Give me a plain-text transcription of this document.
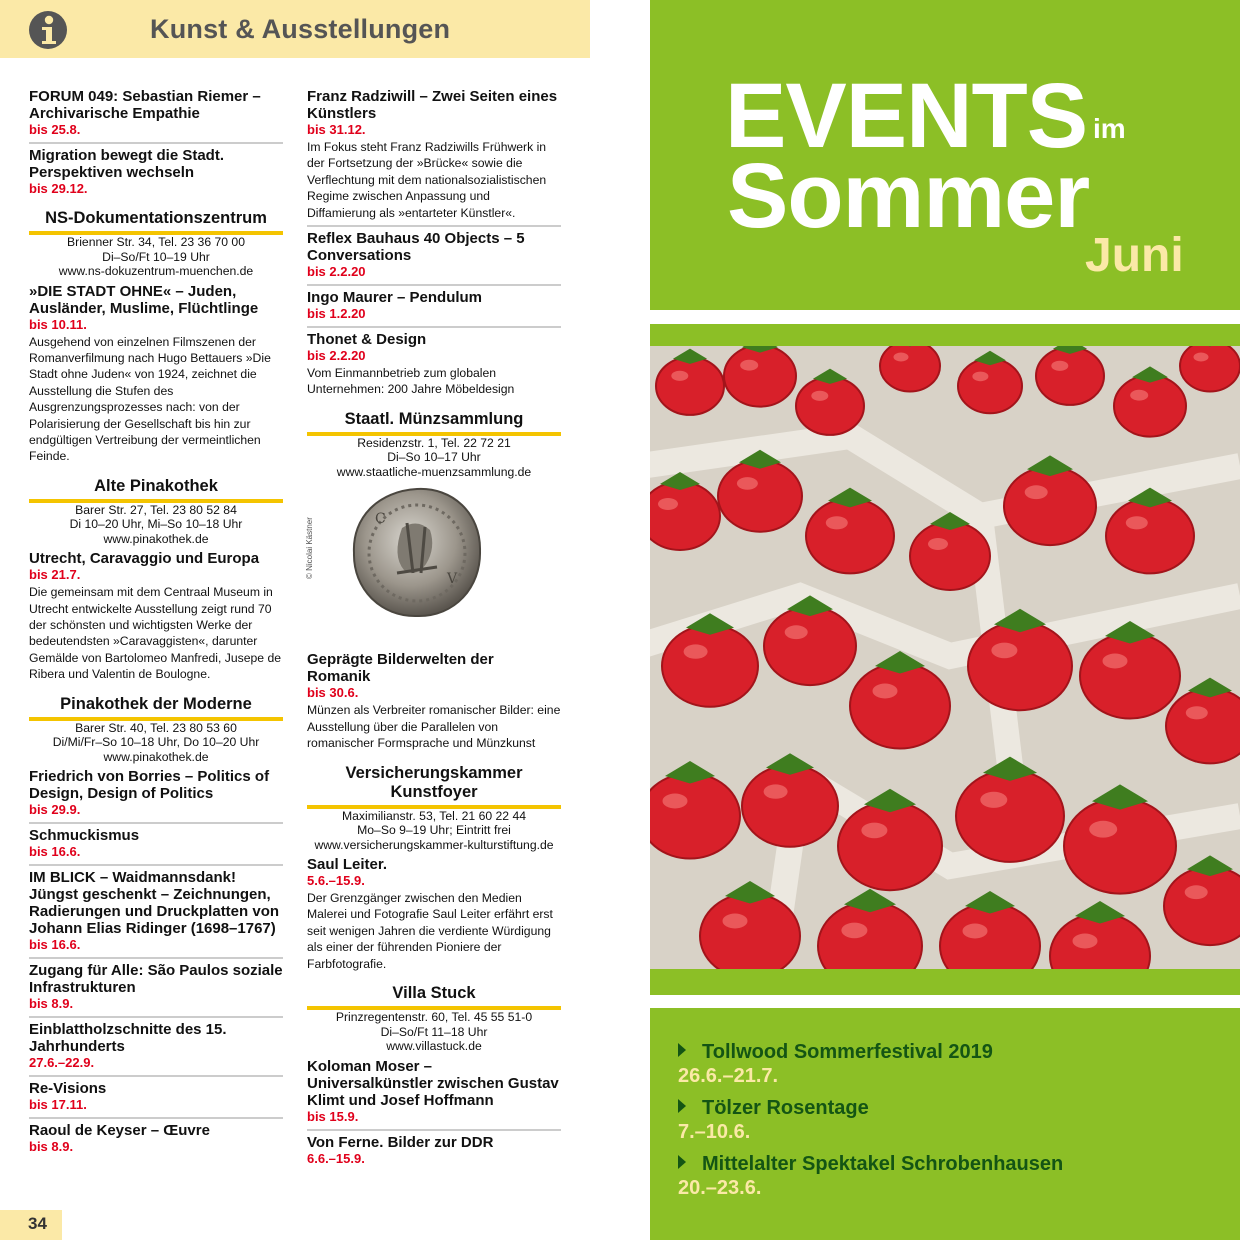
Kunst & Ausstellungen
FORUM 049: Sebastian Riemer – Archivarische Empathie
bis 25.8.
Migration bewegt die Stadt. Perspektiven wechseln
bis 29.12.
NS-Dokumentationszentrum
Brienner Str. 34, Tel. 23 36 70 00
Di–So/Ft 10–19 Uhr
www.ns-dokuzentrum-muenchen.de
»DIE STADT OHNE« – Juden, Ausländer, Muslime, Flüchtlinge
bis 10.11.
Ausgehend von einzelnen Filmszenen der Romanverfilmung nach Hugo Bettauers »Die Stadt ohne Juden« von 1924, zeichnet die Ausstellung die Stufen des Ausgrenzungsprozesses nach: von der Polarisierung der Gesellschaft bis hin zur endgültigen Vertreibung der vermeintlichen Feinde.
Alte Pinakothek
Barer Str. 27, Tel. 23 80 52 84
Di 10–20 Uhr, Mi–So 10–18 Uhr
www.pinakothek.de
Utrecht, Caravaggio und Europa
bis 21.7.
Die gemeinsam mit dem Centraal Museum in Utrecht entwickelte Ausstellung zeigt rund 70 der schönsten und wichtigsten Werke der bedeutendsten »Caravaggisten«, darunter Gemälde von Bartolomeo Manfredi, Jusepe de Ribera und Valentin de Boulogne.
Pinakothek der Moderne
Barer Str. 40, Tel. 23 80 53 60
Di/Mi/Fr–So 10–18 Uhr, Do 10–20 Uhr
www.pinakothek.de
Friedrich von Borries – Politics of Design, Design of Politics
bis 29.9.
Schmuckismus
bis 16.6.
IM BLICK – Waidmannsdank! Jüngst geschenkt – Zeichnungen, Radierungen und Druckplatten von Johann Elias Ridinger (1698–1767)
bis 16.6.
Zugang für Alle: São Paulos soziale Infrastrukturen
bis 8.9.
Einblattholzschnitte des 15. Jahrhunderts
27.6.–22.9.
Re-Visions
bis 17.11.
Raoul de Keyser – Œuvre
bis 8.9.
Franz Radziwill – Zwei Seiten eines Künstlers
bis 31.12.
Im Fokus steht Franz Radziwills Frühwerk in der Fortsetzung der »Brücke« sowie die Verflechtung mit dem nationalsozialistischen Regime zwischen Anpassung und Diffamierung als »entarteter Künstler«.
Reflex Bauhaus 40 Objects – 5 Conversations
bis 2.2.20
Ingo Maurer – Pendulum
bis 1.2.20
Thonet & Design
bis 2.2.20
Vom Einmannbetrieb zum globalen Unternehmen: 200 Jahre Möbeldesign
Staatl. Münzsammlung
Residenzstr. 1, Tel. 22 72 21
Di–So 10–17 Uhr
www.staatliche-muenzsammlung.de
© Nicolai Kästner	C
V
Geprägte Bilderwelten der Romanik
bis 30.6.
Münzen als Verbreiter romanischer Bilder: eine Ausstellung über die Parallelen von romanischer Formsprache und Münzkunst
Versicherungskammer Kunstfoyer
Maximilianstr. 53, Tel. 21 60 22 44
Mo–So 9–19 Uhr; Eintritt frei
www.versicherungskammer-kulturstiftung.de
Saul Leiter.
5.6.–15.9.
Der Grenzgänger zwischen den Medien Malerei und Fotografie Saul Leiter erfährt erst seit wenigen Jahren die verdiente Würdigung als einer der führenden Pioniere der Farbfotografie.
Villa Stuck
Prinzregentenstr. 60, Tel. 45 55 51-0
Di–So/Ft 11–18 Uhr
www.villastuck.de
Koloman Moser – Universalkünstler zwischen Gustav Klimt und Josef Hoffmann
bis 15.9.
Von Ferne. Bilder zur DDR
6.6.–15.9.
34
EVENTS im
Sommer
Juni
Tollwood Sommerfestival 2019
26.6.–21.7.
Tölzer Rosentage
7.–10.6.
Mittelalter Spektakel Schrobenhausen
20.–23.6.
